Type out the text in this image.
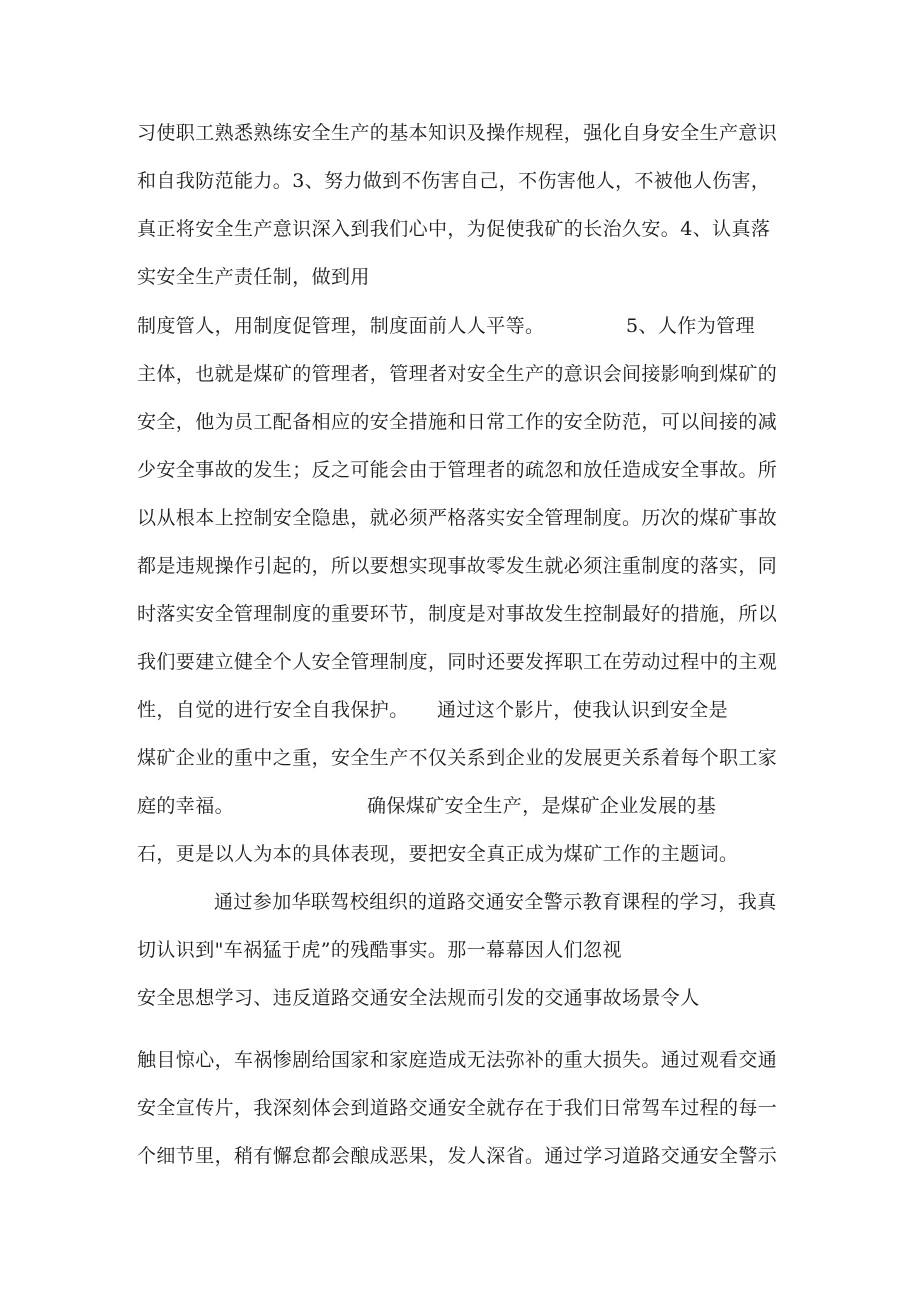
习使职工熟悉熟练安全生产的基本知识及操作规程，强化自身安全生产意识

和自我防范能力。3、努力做到不伤害自己，不伤害他人，不被他人伤害，

真正将安全生产意识深入到我们心中，为促使我矿的长治久安。4、认真落

实安全生产责任制，做到用

制度管人，用制度促管理，制度面前人人平等。	5、人作为管理

主体，也就是煤矿的管理者，管理者对安全生产的意识会间接影响到煤矿的

安全，他为员工配备相应的安全措施和日常工作的安全防范，可以间接的减

少安全事故的发生；反之可能会由于管理者的疏忽和放任造成安全事故。所

以从根本上控制安全隐患，就必须严格落实安全管理制度。历次的煤矿事故

都是违规操作引起的，所以要想实现事故零发生就必须注重制度的落实，同

时落实安全管理制度的重要环节，制度是对事故发生控制最好的措施，所以

我们要建立健全个人安全管理制度，同时还要发挥职工在劳动过程中的主观

性，自觉的进行安全自我保护。 通过这个影片，使我认识到安全是

煤矿企业的重中之重，安全生产不仅关系到企业的发展更关系着每个职工家

庭的幸福。	确保煤矿安全生产，是煤矿企业发展的基

石，更是以人为本的具体表现，要把安全真正成为煤矿工作的主题词。

通过参加华联驾校组织的道路交通安全警示教育课程的学习，我真

切认识到"车祸猛于虎”的残酷事实。那一幕幕因人们忽视

安全思想学习、违反道路交通安全法规而引发的交通事故场景令人

触目惊心，车祸惨剧给国家和家庭造成无法弥补的重大损失。通过观看交通

安全宣传片，我深刻体会到道路交通安全就存在于我们日常驾车过程的每一

个细节里，稍有懈怠都会酿成恶果，发人深省。通过学习道路交通安全警示
